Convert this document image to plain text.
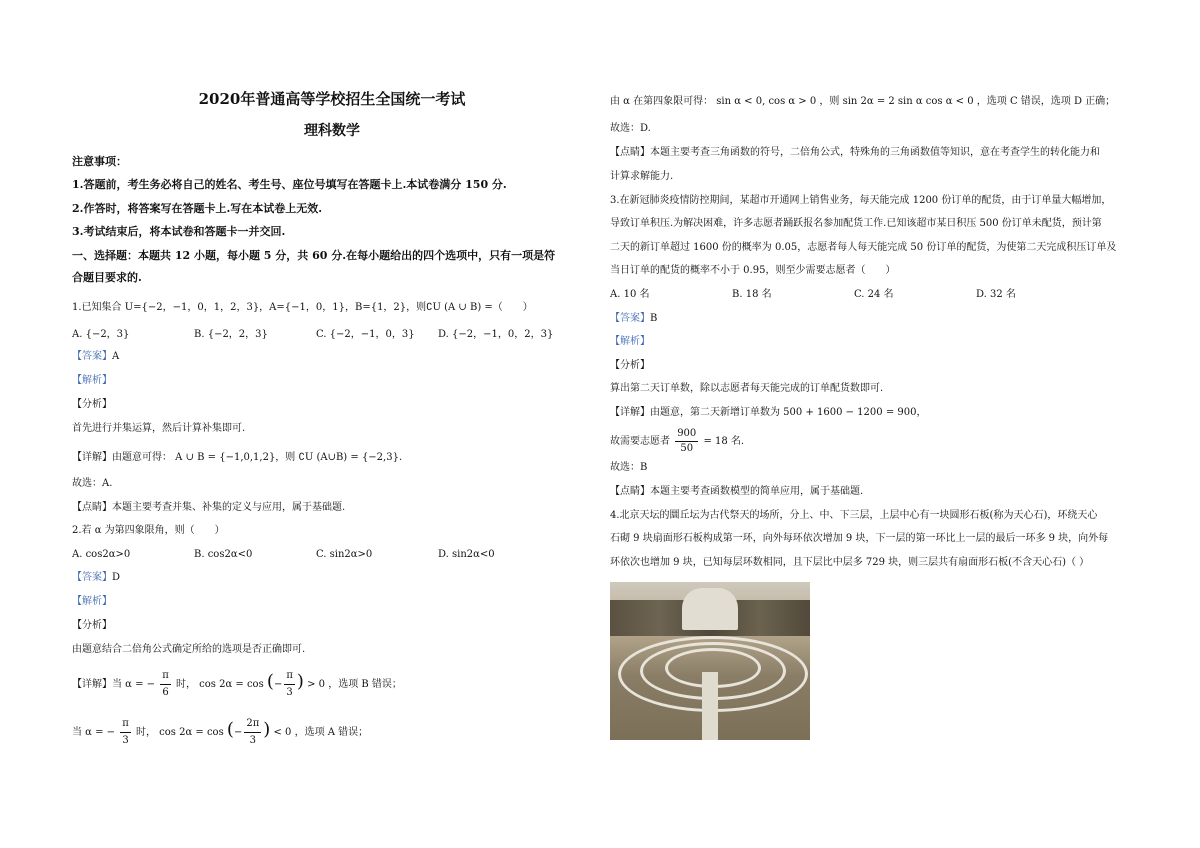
2020年普通高等学校招生全国统一考试
理科数学
注意事项：
1.答题前，考生务必将自己的姓名、考生号、座位号填写在答题卡上.本试卷满分 150 分.
2.作答时，将答案写在答题卡上.写在本试卷上无效.
3.考试结束后，将本试卷和答题卡一并交回.
一、选择题：本题共 12 小题，每小题 5 分，共 60 分.在每小题给出的四个选项中，只有一项是符
合题目要求的.
1.已知集合 U={−2，−1，0，1，2，3}，A={−1，0，1}，B={1，2}，则∁U (A ∪ B) =（　　）
A. {−2，3}	B. {−2，2，3}	C. {−2，−1，0，3}	D. {−2，−1，0，2，3}
【答案】A
【解析】
【分析】
首先进行并集运算，然后计算补集即可.
【详解】由题意可得： A ∪ B = {−1,0,1,2}，则 ∁U (A∪B) = {−2,3}.
故选：A.
【点睛】本题主要考查并集、补集的定义与应用，属于基础题.
2.若 α 为第四象限角，则（　　）
A. cos2α>0	B. cos2α<0	C. sin2α>0	D. sin2α<0
【答案】D
【解析】
【分析】
由题意结合二倍角公式确定所给的选项是否正确即可.
【详解】当 α = − $\frac{\pi}{6}$ 时， cos 2α = cos (− $\frac{\pi}{3}$ ) > 0 ，选项 B 错误；
当 α = − $\frac{\pi}{3}$ 时， cos 2α = cos (− $\frac{2\pi}{3}$ ) < 0 ，选项 A 错误；
由 α 在第四象限可得： sin α < 0, cos α > 0 ，则 sin 2α = 2 sin α cos α < 0 ，选项 C 错误，选项 D 正确；
故选：D.
【点睛】本题主要考查三角函数的符号，二倍角公式，特殊角的三角函数值等知识，意在考查学生的转化能力和
计算求解能力.
3.在新冠肺炎疫情防控期间，某超市开通网上销售业务，每天能完成 1200 份订单的配货，由于订单量大幅增加，
导致订单积压.为解决困难，许多志愿者踊跃报名参加配货工作.已知该超市某日积压 500 份订单未配货，预计第
二天的新订单超过 1600 份的概率为 0.05，志愿者每人每天能完成 50 份订单的配货，为使第二天完成积压订单及
当日订单的配货的概率不小于 0.95，则至少需要志愿者（　　）
A. 10 名	B. 18 名	C. 24 名	D. 32 名
【答案】B
【解析】
【分析】
算出第二天订单数，除以志愿者每天能完成的订单配货数即可.
【详解】由题意，第二天新增订单数为 500 + 1600 − 1200 = 900，
故需要志愿者 $\frac{900}{50} = 18$ 名.
故选：B
【点睛】本题主要考查函数模型的简单应用，属于基础题.
4.北京天坛的圜丘坛为古代祭天的场所，分上、中、下三层，上层中心有一块圆形石板(称为天心石)，环绕天心
石砌 9 块扇面形石板构成第一环，向外每环依次增加 9 块，下一层的第一环比上一层的最后一环多 9 块，向外每
环依次也增加 9 块，已知每层环数相同，且下层比中层多 729 块，则三层共有扇面形石板(不含天心石)（ ）
